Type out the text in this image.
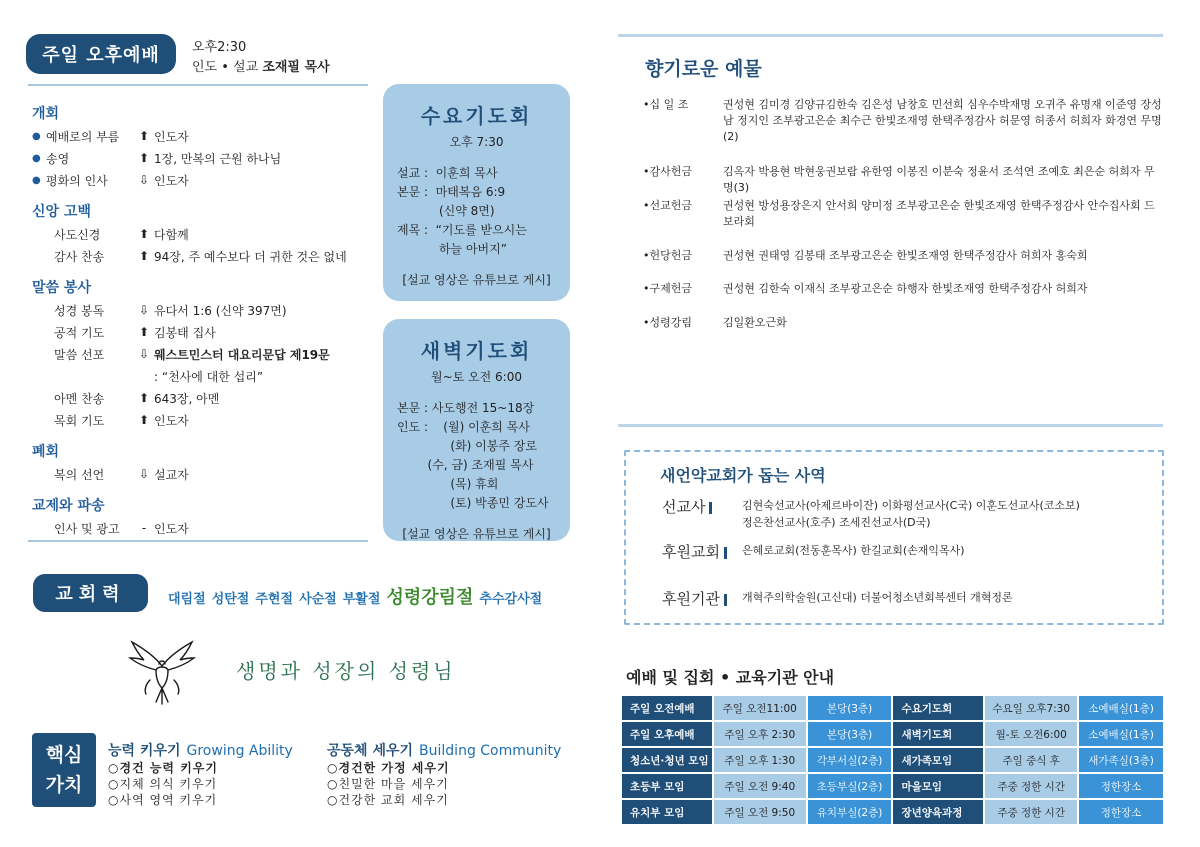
주일 오후예배	오후2:30
인도 • 설교 조재필 목사
개회
● 예배로의 부름	⬆ 인도자
● 송영	⬆ 1장, 만복의 근원 하나님
● 평화의 인사	⇩ 인도자
신앙 고백
사도신경	⬆ 다함께
감사 찬송	⬆ 94장, 주 예수보다 더 귀한 것은 없네
말씀 봉사
성경 봉독	⇩ 유다서 1:6 (신약 397면)
공적 기도	⬆ 김봉태 집사
말씀 선포	⇩ 웨스트민스터 대요리문답 제19문
: “천사에 대한 섭리”
아멘 찬송	⬆ 643장, 아멘
목회 기도	⬆ 인도자
폐회
복의 선언	⇩ 설교자
교제와 파송
인사 및 광고	- 인도자
수요기도회
오후 7:30
설교 :  이훈희 목사
본문 :  마태복음 6:9
(신약 8면)
제목 :  “기도를 받으시는
하늘 아버지”
[설교 영상은 유튜브로 게시]
새벽기도회
월~토 오전 6:00
본문 : 사도행전 15~18장
인도 :    (월) 이훈희 목사
(화) 이봉주 장로
(수, 금) 조재필 목사
(목) 휴회
(토) 박종민 강도사
[설교 영상은 유튜브로 게시]
교회력	대림절 성탄절 주현절 사순절 부활절 성령강림절 추수감사절
생명과 성장의 성령님
핵심
가치
능력 키우기 Growing Ability
○경건 능력 키우기
○지체 의식 키우기
○사역 영역 키우기
공동체 세우기 Building Community
○경건한 가정 세우기
○친밀한 마을 세우기
○건강한 교회 세우기
향기로운 예물
•십 일 조	권성현 김미경 김양규김한숙 김은성 남창호 민선희 심우수박재명 오귀주 유명재 이준영 장성남 정지인 조부광고은순 최수근 한빛조재영 한택주정감사 허문영 허종서 허희자 화경연 무명(2)
•감사헌금	김옥자 박용현 박현웅권보람 유한영 이봉진 이분숙 정윤서 조석연 조예호 최은순 허희자 무명(3)
•선교헌금	권성현 방성용장은지 안서희 양미정 조부광고은순 한빛조재영 한택주정감사 안수집사회 드보라회
•헌당헌금	권성현 권태영 김봉태 조부광고은순 한빛조재영 한택주정감사 허희자 홍숙희
•구제헌금	권성현 김한숙 이재식 조부광고은순 하행자 한빛조재영 한택주정감사 허희자
•성령강림	김일환오근화
새언약교회가 돕는 사역
선교사	김현숙선교사(아제르바이잔) 이화평선교사(C국) 이훈도선교사(코소보) 정은찬선교사(호주) 조세진선교사(D국)
후원교회	은혜로교회(전동훈목사) 한길교회(손재익목사)
후원기관	개혁주의학술원(고신대) 더불어청소년회복센터 개혁정론
예배 및 집회 • 교육기관 안내
주일 오전예배	주일 오전11:00	본당(3층)	수요기도회	수요일 오후7:30	소예배실(1층)
주일 오후예배	주일 오후 2:30	본당(3층)	새벽기도회	월-토 오전6:00	소예배실(1층)
청소년·청년 모임	주일 오후 1:30	각부서실(2층)	새가족모임	주일 중식 후	새가족실(3층)
초등부 모임	주일 오전 9:40	초등부실(2층)	마을모임	주중 정한 시간	정한장소
유치부 모임	주일 오전 9:50	유치부실(2층)	장년양육과정	주중 정한 시간	정한장소
